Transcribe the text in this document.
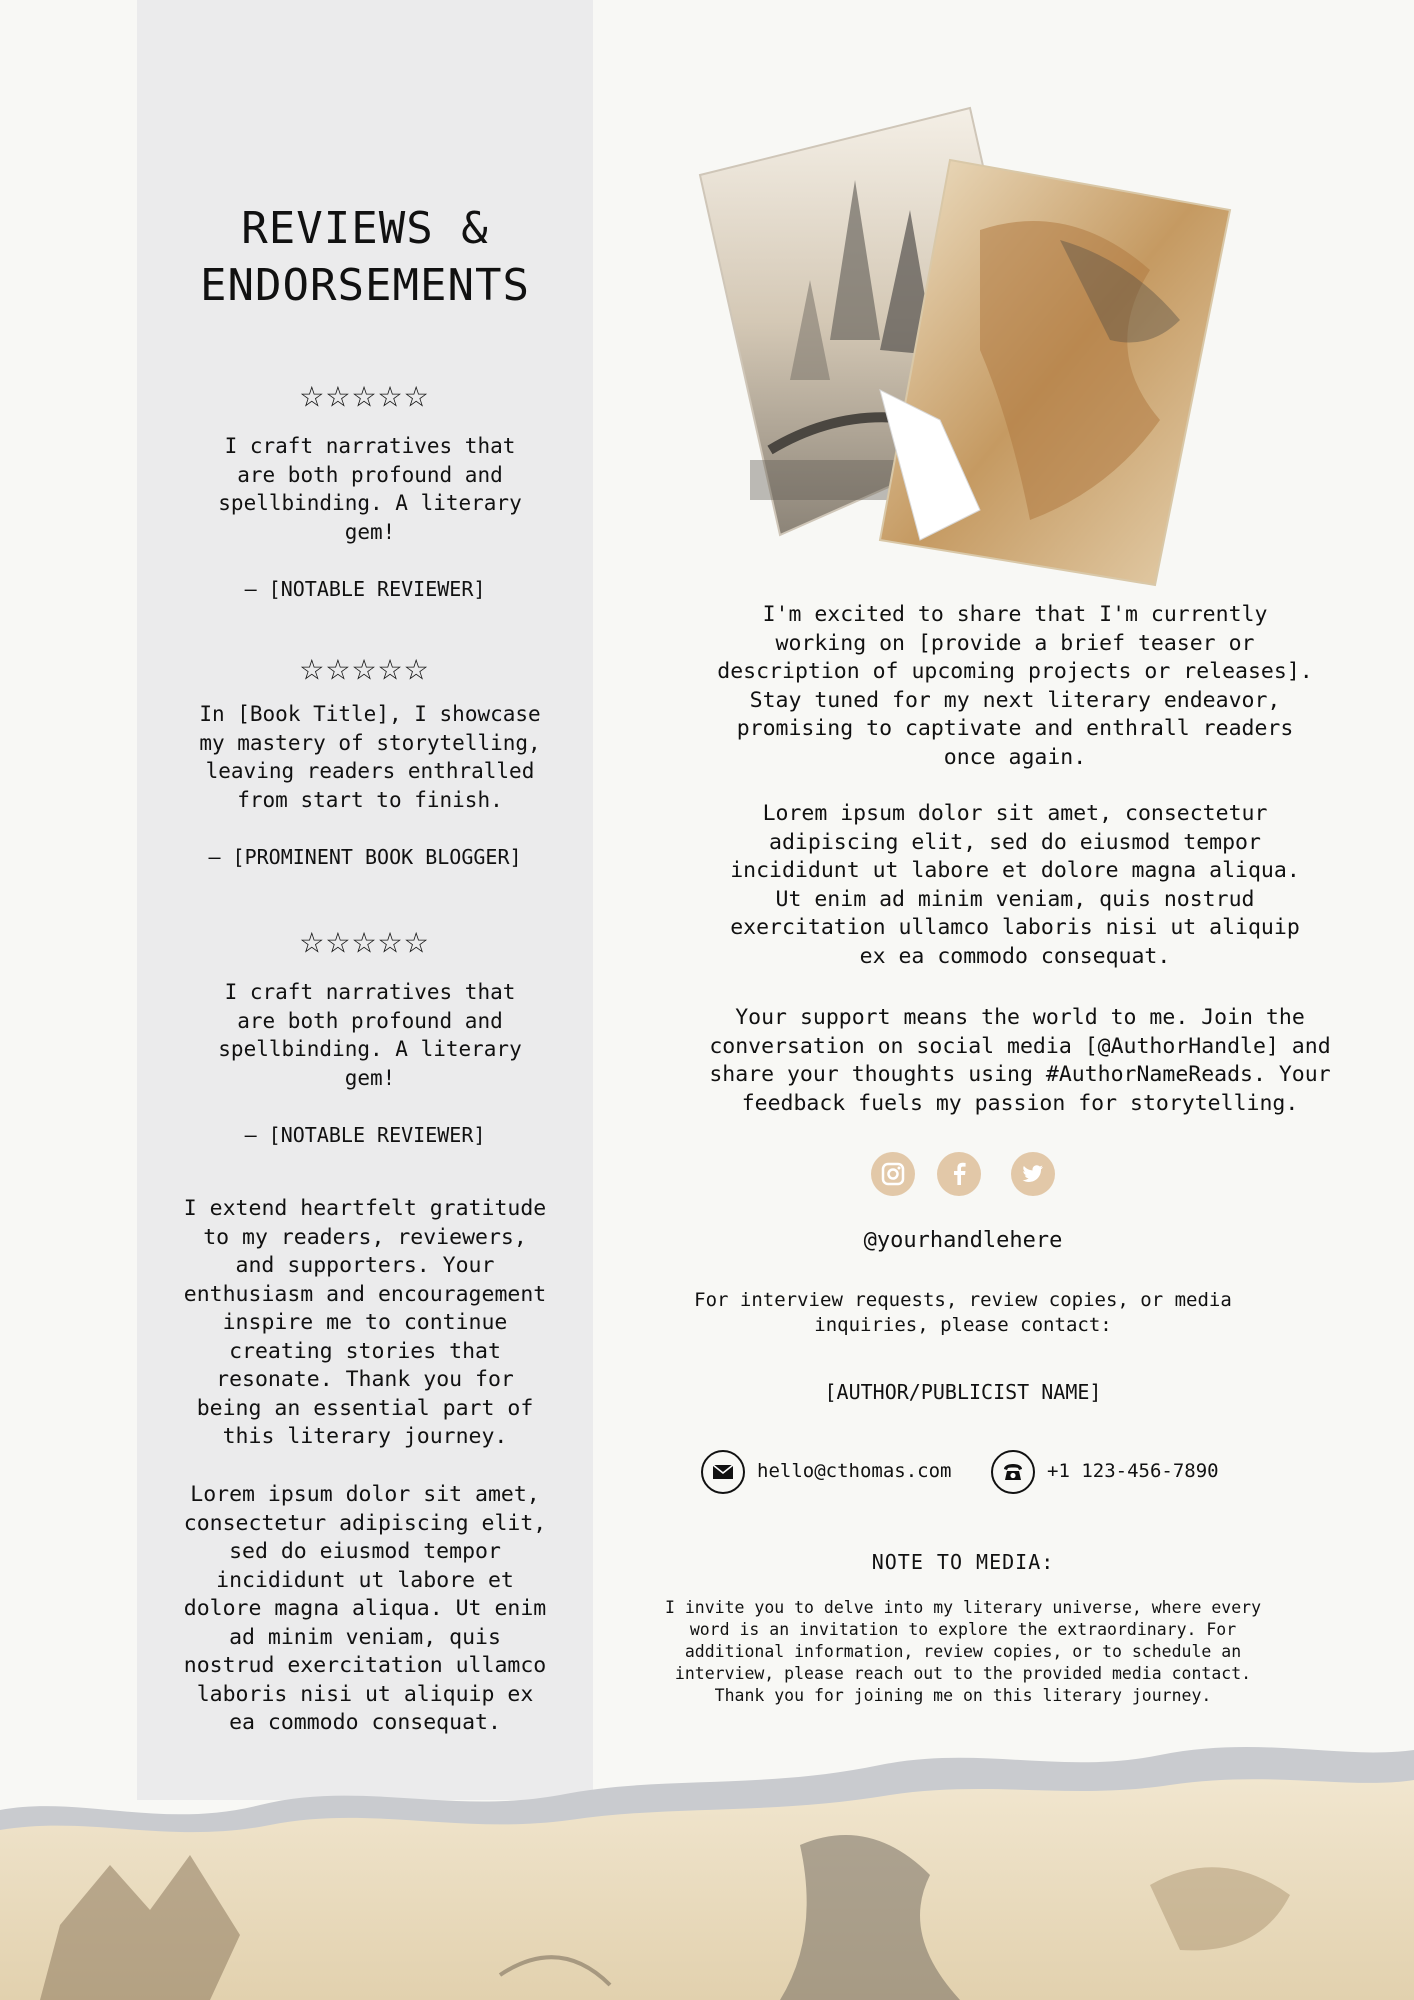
REVIEWS &
ENDORSEMENTS
☆☆☆☆☆
I craft narratives that
are both profound and
spellbinding. A literary
gem!
– [NOTABLE REVIEWER]
☆☆☆☆☆
In [Book Title], I showcase
my mastery of storytelling,
leaving readers enthralled
from start to finish.
– [PROMINENT BOOK BLOGGER]
☆☆☆☆☆
I craft narratives that
are both profound and
spellbinding. A literary
gem!
– [NOTABLE REVIEWER]
I extend heartfelt gratitude
to my readers, reviewers,
and supporters. Your
enthusiasm and encouragement
inspire me to continue
creating stories that
resonate. Thank you for
being an essential part of
this literary journey.
Lorem ipsum dolor sit amet,
consectetur adipiscing elit,
sed do eiusmod tempor
incididunt ut labore et
dolore magna aliqua. Ut enim
ad minim veniam, quis
nostrud exercitation ullamco
laboris nisi ut aliquip ex
ea commodo consequat.
I'm excited to share that I'm currently
working on [provide a brief teaser or
description of upcoming projects or releases].
Stay tuned for my next literary endeavor,
promising to captivate and enthrall readers
once again.
Lorem ipsum dolor sit amet, consectetur
adipiscing elit, sed do eiusmod tempor
incididunt ut labore et dolore magna aliqua.
Ut enim ad minim veniam, quis nostrud
exercitation ullamco laboris nisi ut aliquip
ex ea commodo consequat.
Your support means the world to me. Join the
conversation on social media [@AuthorHandle] and
share your thoughts using #AuthorNameReads. Your
feedback fuels my passion for storytelling.
@yourhandlehere
For interview requests, review copies, or media
inquiries, please contact:
[AUTHOR/PUBLICIST NAME]
hello@cthomas.com	+1 123-456-7890
NOTE TO MEDIA:
I invite you to delve into my literary universe, where every
word is an invitation to explore the extraordinary. For
additional information, review copies, or to schedule an
interview, please reach out to the provided media contact.
Thank you for joining me on this literary journey.
